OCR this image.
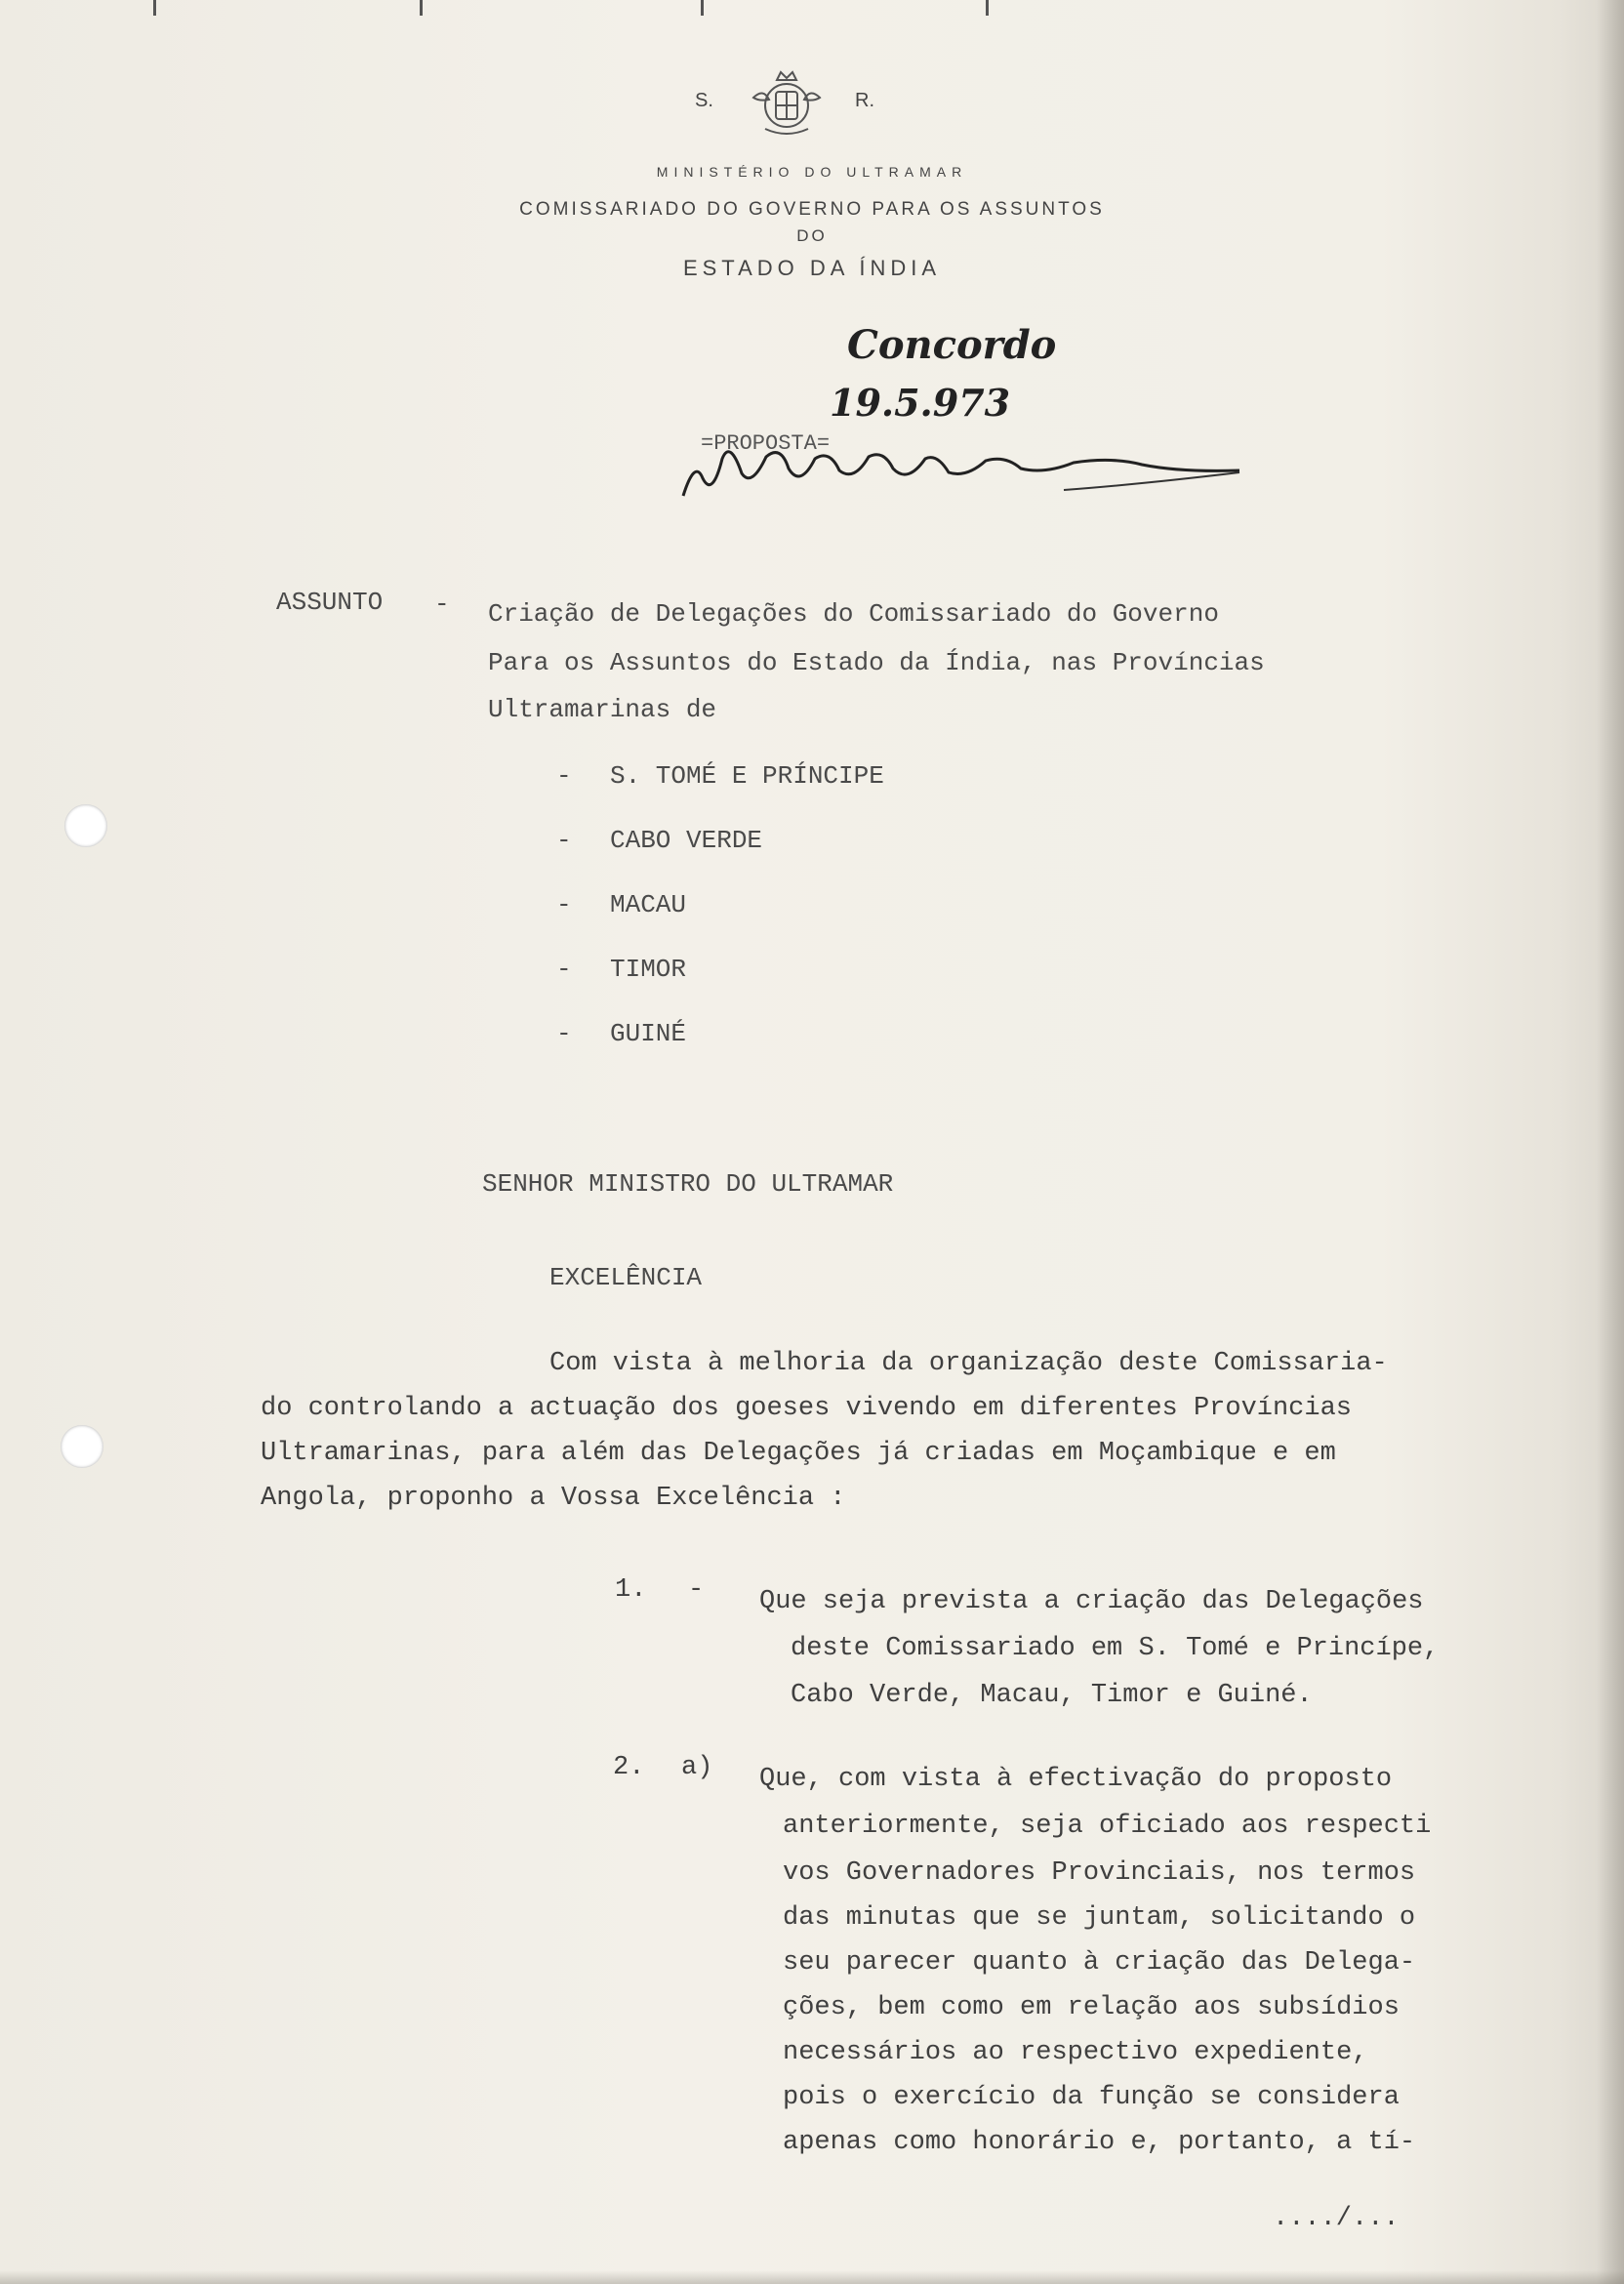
S.	R.
MINISTÉRIO DO ULTRAMAR
COMISSARIADO DO GOVERNO PARA OS ASSUNTOS
DO
ESTADO DA ÍNDIA
Concordo
19.5.973
=PROPOSTA=
ASSUNTO - Criação de Delegações do Comissariado do Governo
Para os Assuntos do Estado da Índia, nas Províncias
Ultramarinas de
- S. TOMÉ E PRÍNCIPE
- CABO VERDE
- MACAU
- TIMOR
- GUINÉ
SENHOR MINISTRO DO ULTRAMAR
EXCELÊNCIA
Com vista à melhoria da organização deste Comissaria-
do controlando a actuação dos goeses vivendo em diferentes Províncias
Ultramarinas, para além das Delegações já criadas em Moçambique e em
Angola, proponho a Vossa Excelência :
1. - Que seja prevista a criação das Delegações
deste Comissariado em S. Tomé e Princípe,
Cabo Verde, Macau, Timor e Guiné.
2. a) Que, com vista à efectivação do proposto
anteriormente, seja oficiado aos respecti
vos Governadores Provinciais, nos termos
das minutas que se juntam, solicitando o
seu parecer quanto à criação das Delega-
ções, bem como em relação aos subsídios
necessários ao respectivo expediente,
pois o exercício da função se considera
apenas como honorário e, portanto, a tí-
..../...
